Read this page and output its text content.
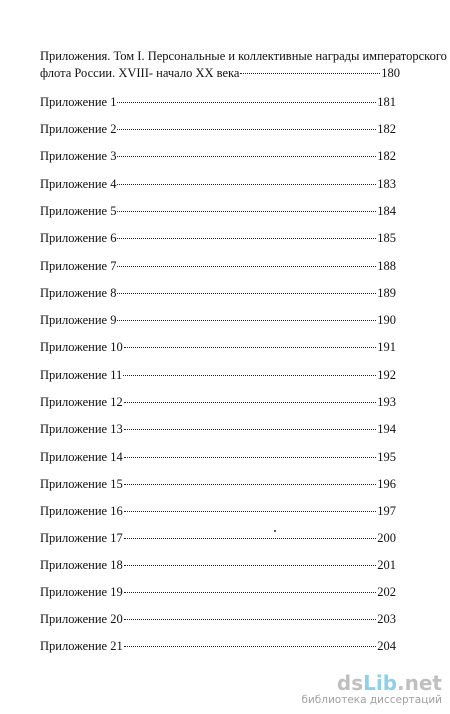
Приложения. Том I. Персональные и коллективные награды императорского
флота России. XVIII- начало XX века	180
Приложение 1	181
Приложение 2	182
Приложение 3	182
Приложение 4	183
Приложение 5	184
Приложение 6	185
Приложение 7	188
Приложение 8	189
Приложение 9	190
Приложение 10	191
Приложение 11	192
Приложение 12	193
Приложение 13	194
Приложение 14	195
Приложение 15	196
Приложение 16	197
Приложение 17	200
Приложение 18	201
Приложение 19	202
Приложение 20	203
Приложение 21	204
dsLib.net
библиотека диссертаций
